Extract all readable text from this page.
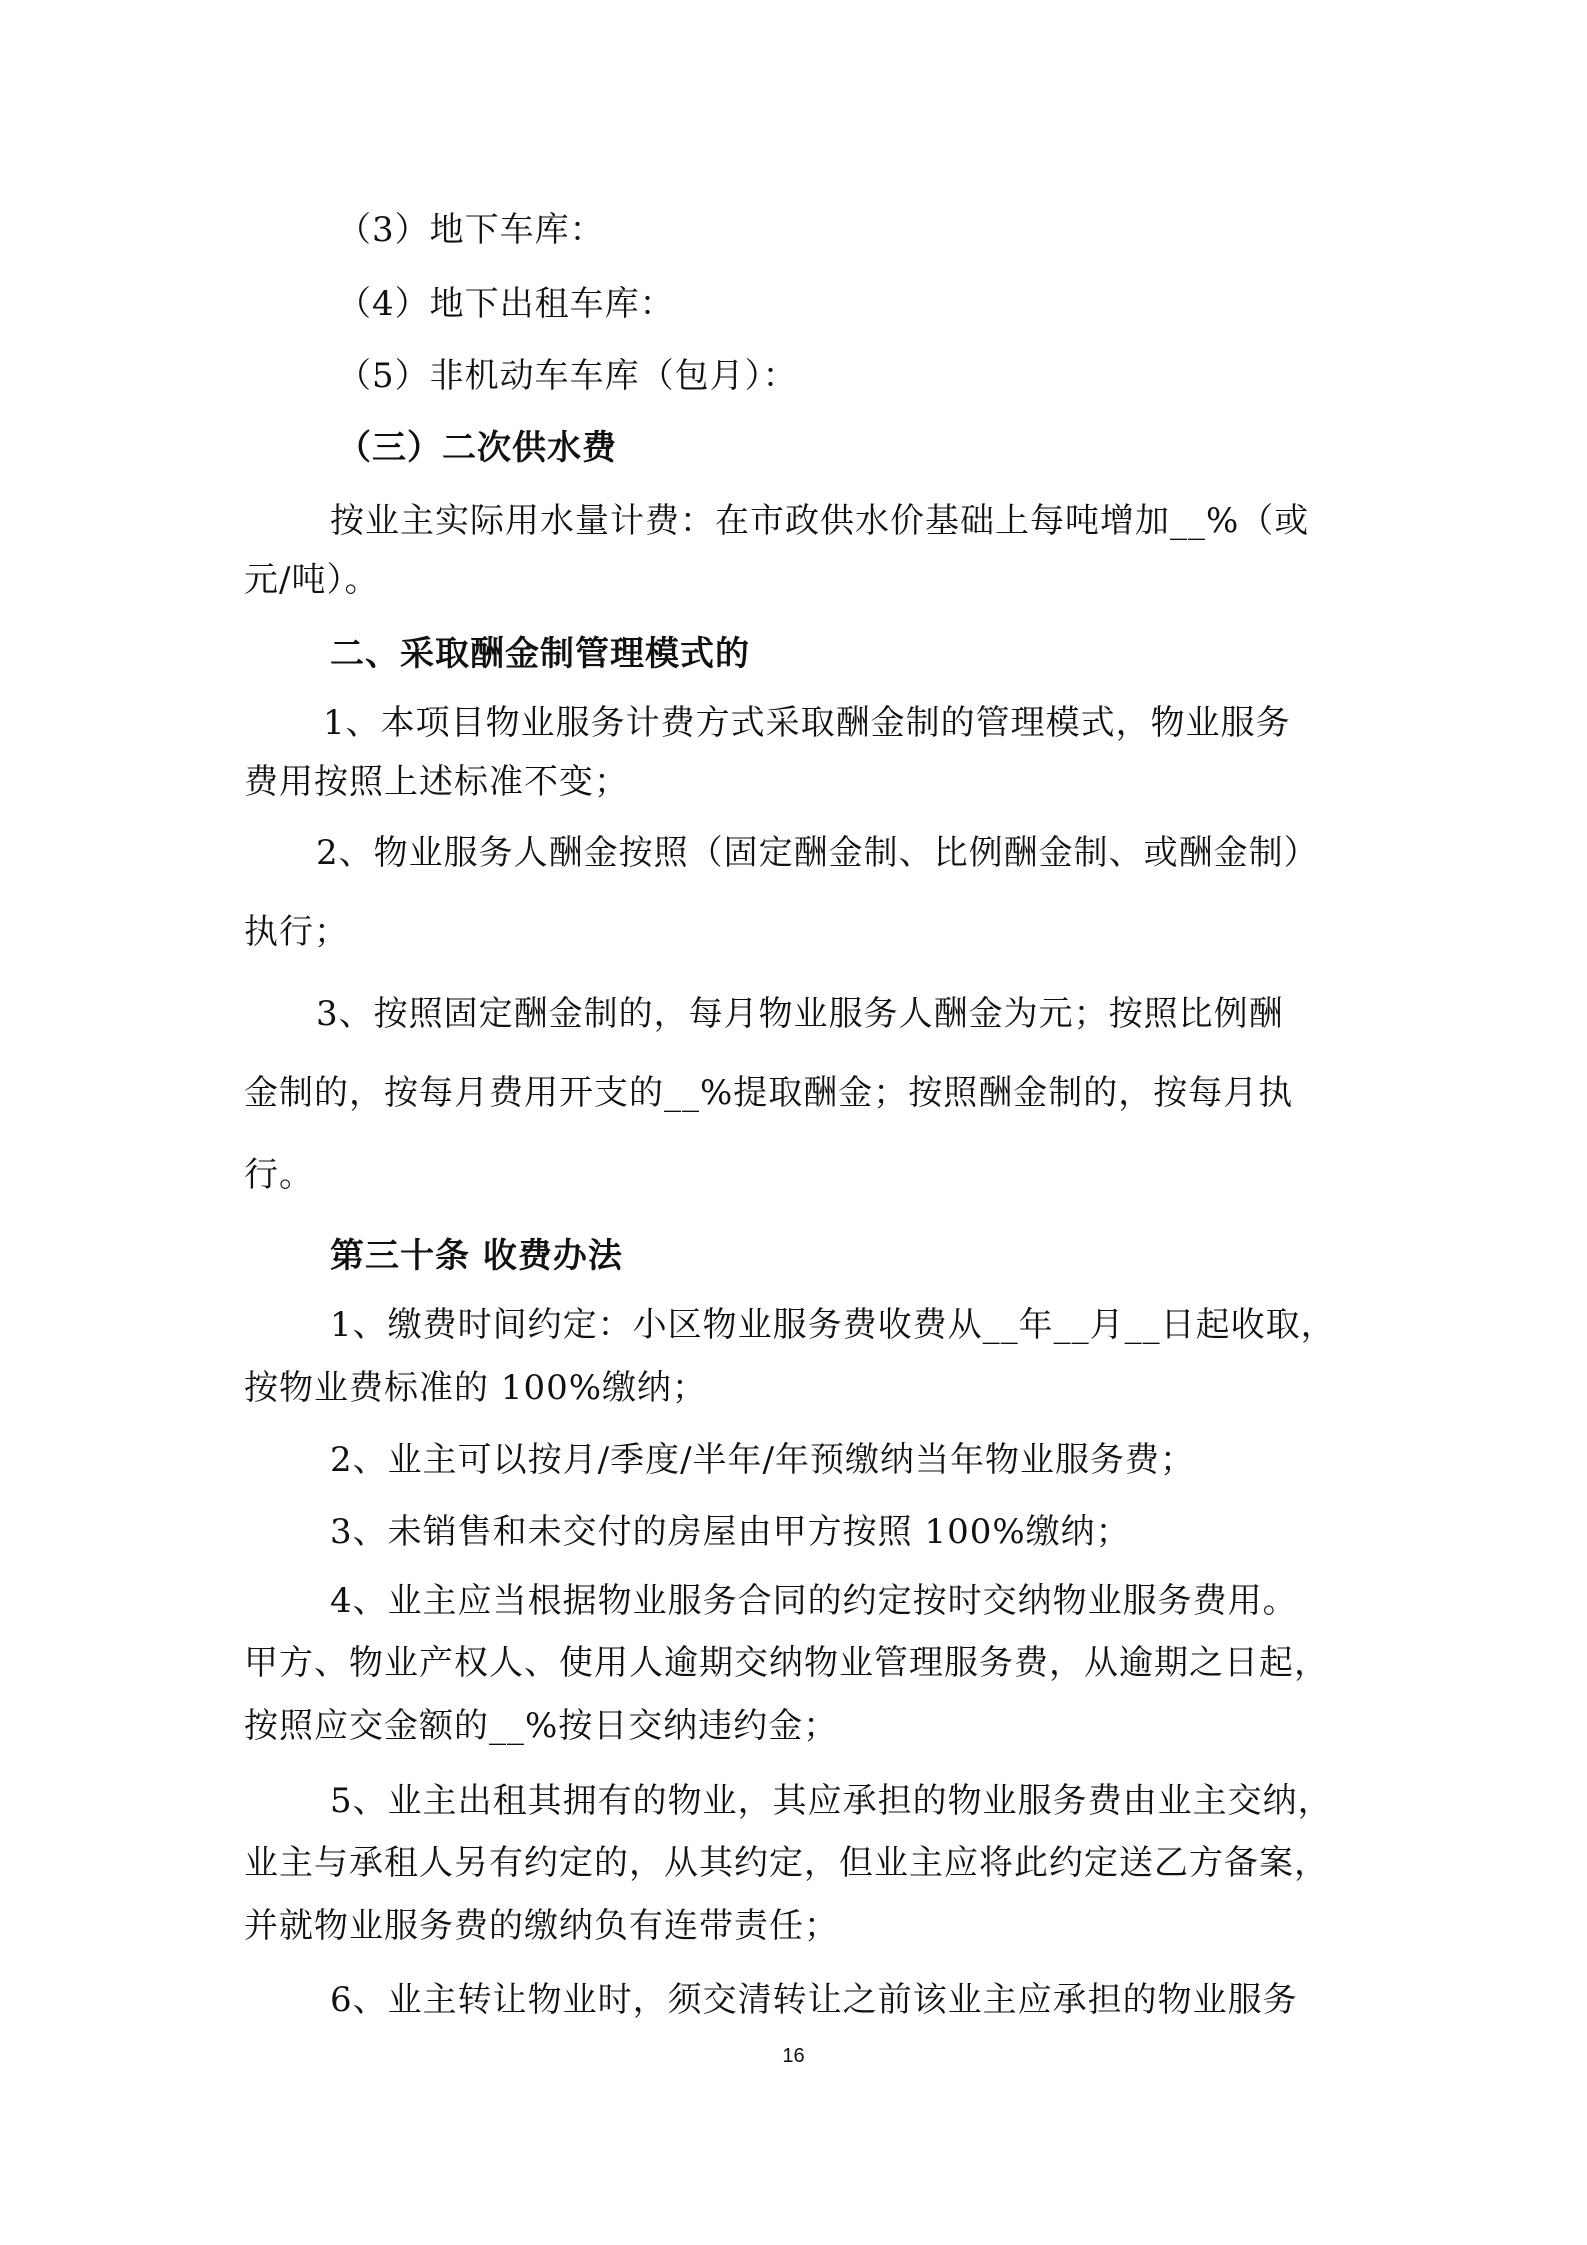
（3）地下车库：
（4）地下出租车库：
（5）非机动车车库（包月）：
（三）二次供水费
按业主实际用水量计费：在市政供水价基础上每吨增加__%（或
元/吨）。
二、采取酬金制管理模式的
1、本项目物业服务计费方式采取酬金制的管理模式，物业服务
费用按照上述标准不变；
2、物业服务人酬金按照（固定酬金制、比例酬金制、或酬金制）
执行；
3、按照固定酬金制的，每月物业服务人酬金为元；按照比例酬
金制的，按每月费用开支的__%提取酬金；按照酬金制的，按每月执
行。
第三十条 收费办法
1、缴费时间约定：小区物业服务费收费从__年__月__日起收取，
按物业费标准的 100%缴纳；
2、业主可以按月/季度/半年/年预缴纳当年物业服务费；
3、未销售和未交付的房屋由甲方按照 100%缴纳；
4、业主应当根据物业服务合同的约定按时交纳物业服务费用。
甲方、物业产权人、使用人逾期交纳物业管理服务费，从逾期之日起，
按照应交金额的__%按日交纳违约金；
5、业主出租其拥有的物业，其应承担的物业服务费由业主交纳，
业主与承租人另有约定的，从其约定，但业主应将此约定送乙方备案，
并就物业服务费的缴纳负有连带责任；
6、业主转让物业时，须交清转让之前该业主应承担的物业服务
16
